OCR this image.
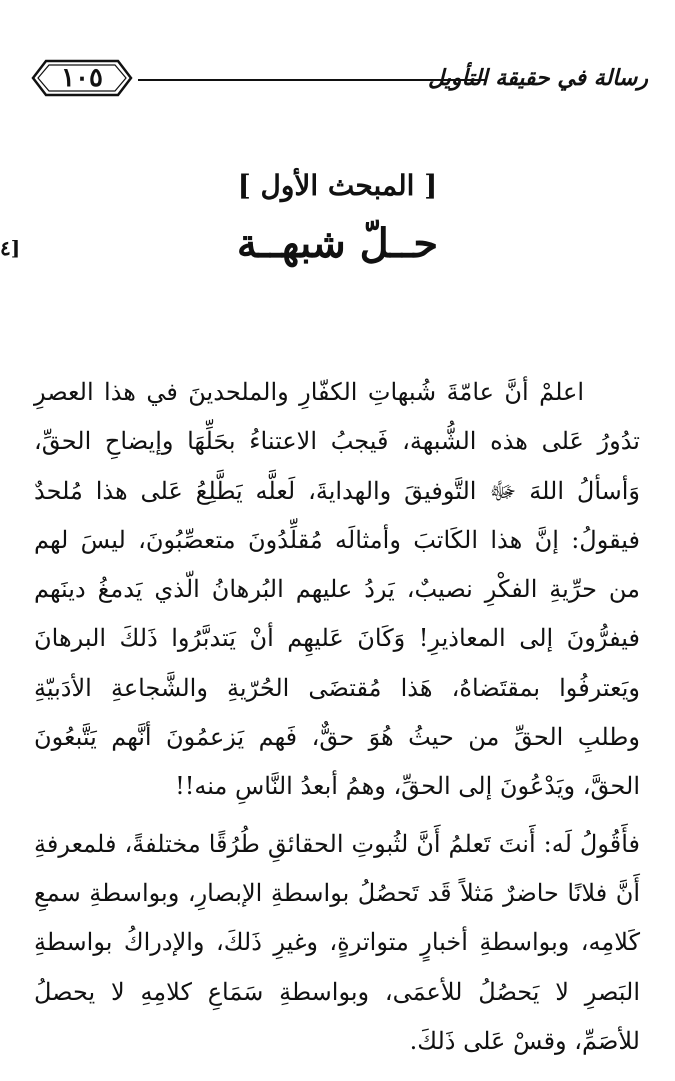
١٠٥	رسالة في حقيقة التأويل
[٤
[ المبحث الأول ]
حــلّ شبهــة

اعلمْ أنَّ عامّةَ شُبهاتِ الكفّارِ والملحدينَ في هذا العصرِ تدُورُ عَلى هذه الشُّبهة، فَيجبُ الاعتناءُ بحَلِّهَا وإيضاحِ الحقِّ، وَأسألُ اللهَ ﷻ التَّوفيقَ والهدايةَ، لَعلَّه يَطَّلِعُ عَلى هذا مُلحدٌ فيقولُ: إنَّ هذا الكَاتبَ وأمثالَه مُقلِّدُونَ متعصِّبُونَ، ليسَ لهم من حرِّيةِ الفكْرِ نصيبٌ، يَردُ عليهم البُرهانُ الّذي يَدمغُ دينَهم فيفرُّونَ إلى المعاذيرِ! وَكَانَ عَليهِم أنْ يَتدبَّرُوا ذَلكَ البرهانَ ويَعترفُوا بمقتَضاهُ، هَذا مُقتضَى الحُرّيةِ والشَّجاعةِ الأدَبيّةِ وطلبِ الحقِّ من حيثُ هُوَ حقٌّ، فَهم يَزعمُونَ أنَّهم يَتَّبعُونَ الحقَّ، ويَدْعُونَ إلى الحقِّ، وهمُ أبعدُ النَّاسِ منه!!

فأَقُولُ لَه: أَنتَ تَعلمُ أَنَّ لثُبوتِ الحقائقِ طُرُقًا مختلفةً، فلمعرفةِ أَنَّ فلانًا حاضرٌ مَثلاً قَد تَحصُلُ بواسطةِ الإبصارِ، وبواسطةِ سمعِ كَلامِه، وبواسطةِ أخبارٍ متواترةٍ، وغيرِ ذَلكَ، والإدراكُ بواسطةِ البَصرِ لا يَحصُلُ للأعمَى، وبواسطةِ سَمَاعِ كلامِهِ لا يحصلُ للأصَمِّ، وقسْ عَلى ذَلكَ.
